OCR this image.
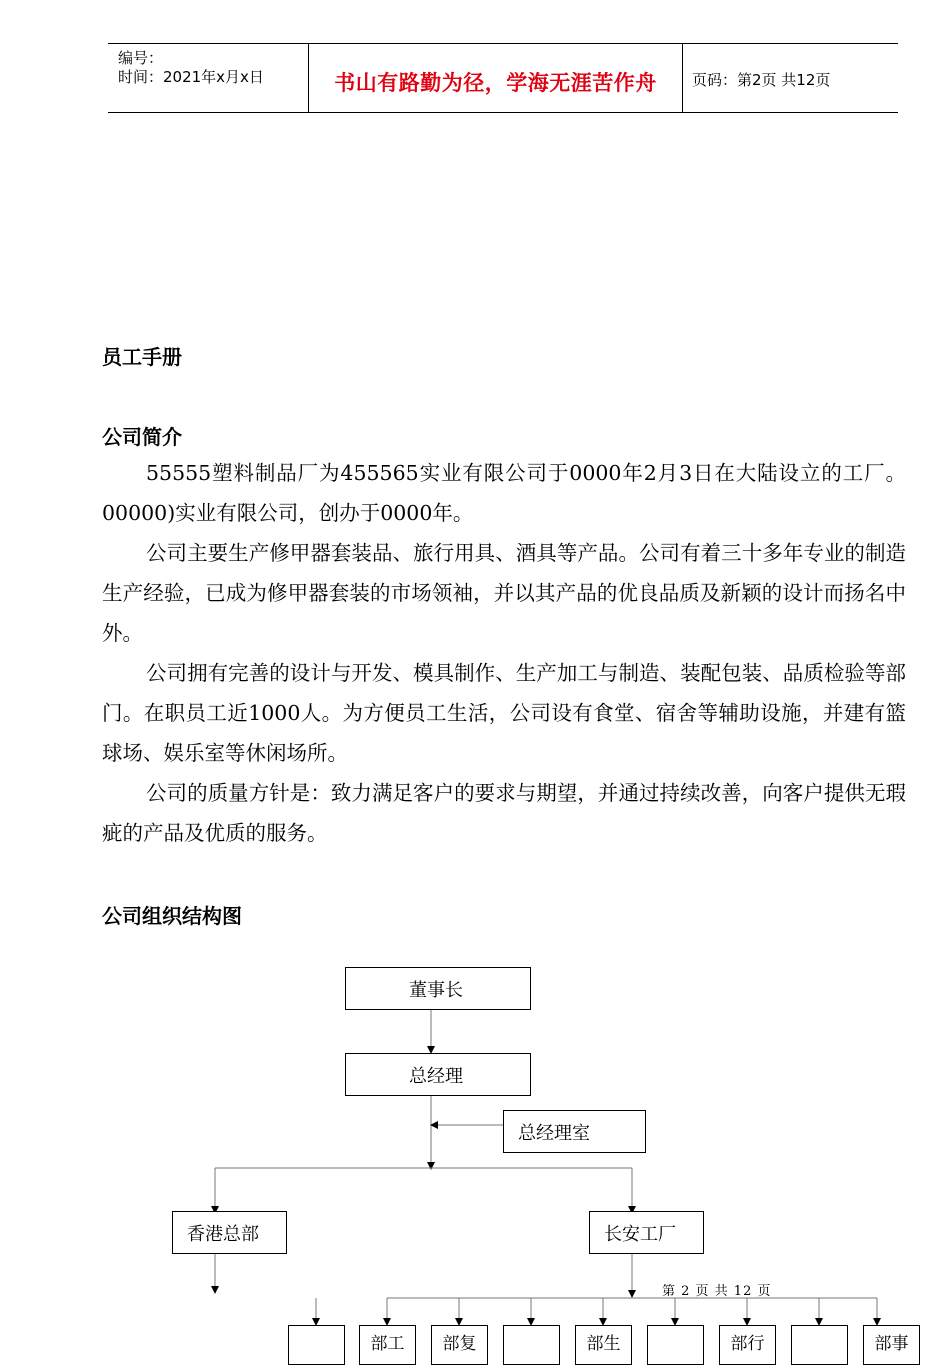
编号：
时间：2021年x月x日	书山有路勤为径，学海无涯苦作舟	页码：第2页 共12页
员工手册
公司简介
55555塑料制品厂为455565实业有限公司于0000年2月3日在大陆设立的工厂。00000)实业有限公司，创办于0000年。
公司主要生产修甲器套装品、旅行用具、酒具等产品。公司有着三十多年专业的制造生产经验，已成为修甲器套装的市场领袖，并以其产品的优良品质及新颖的设计而扬名中外。
公司拥有完善的设计与开发、模具制作、生产加工与制造、装配包装、品质检验等部门。在职员工近1000人。为方便员工生活，公司设有食堂、宿舍等辅助设施，并建有篮球场、娱乐室等休闲场所。
公司的质量方针是：致力满足客户的要求与期望，并通过持续改善，向客户提供无瑕疵的产品及优质的服务。
公司组织结构图
董事长
总经理
总经理室
香港总部	长安工厂
部工	部复	部生	部行	部事
第 2 页 共 12 页
